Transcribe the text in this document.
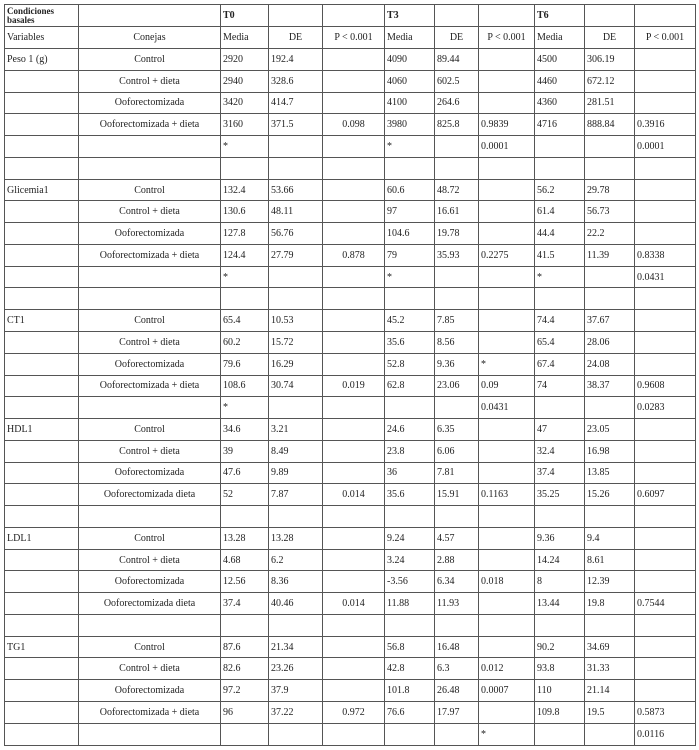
Condiciones basales		T0			T3			T6		
Variables	Conejas	Media	DE	P < 0.001	Media	DE	P < 0.001	Media	DE	P < 0.001
Peso 1 (g)	Control	2920	192.4		4090	89.44		4500	306.19	
	Control + dieta	2940	328.6		4060	602.5		4460	672.12	
	Ooforectomizada	3420	414.7		4100	264.6		4360	281.51	
	Ooforectomizada + dieta	3160	371.5	0.098	3980	825.8	0.9839	4716	888.84	0.3916
		*			*		0.0001			0.0001

Glicemia1	Control	132.4	53.66		60.6	48.72		56.2	29.78	
	Control + dieta	130.6	48.11		97	16.61		61.4	56.73	
	Ooforectomizada	127.8	56.76		104.6	19.78		44.4	22.2	
	Ooforectomizada + dieta	124.4	27.79	0.878	79	35.93	0.2275	41.5	11.39	0.8338
		*			*			*		0.0431

CT1	Control	65.4	10.53		45.2	7.85		74.4	37.67	
	Control + dieta	60.2	15.72		35.6	8.56		65.4	28.06	
	Ooforectomizada	79.6	16.29		52.8	9.36	*	67.4	24.08	
	Ooforectomizada + dieta	108.6	30.74	0.019	62.8	23.06	0.09	74	38.37	0.9608
		*					0.0431			0.0283
HDL1	Control	34.6	3.21		24.6	6.35		47	23.05	
	Control + dieta	39	8.49		23.8	6.06		32.4	16.98	
	Ooforectomizada	47.6	9.89		36	7.81		37.4	13.85	
	Ooforectomizada dieta	52	7.87	0.014	35.6	15.91	0.1163	35.25	15.26	0.6097

LDL1	Control	13.28	13.28		9.24	4.57		9.36	9.4	
	Control + dieta	4.68	6.2		3.24	2.88		14.24	8.61	
	Ooforectomizada	12.56	8.36		-3.56	6.34	0.018	8	12.39	
	Ooforectomizada dieta	37.4	40.46	0.014	11.88	11.93		13.44	19.8	0.7544

TG1	Control	87.6	21.34		56.8	16.48		90.2	34.69	
	Control + dieta	82.6	23.26		42.8	6.3	0.012	93.8	31.33	
	Ooforectomizada	97.2	37.9		101.8	26.48	0.0007	110	21.14	
	Ooforectomizada + dieta	96	37.22	0.972	76.6	17.97		109.8	19.5	0.5873
							*			0.0116
